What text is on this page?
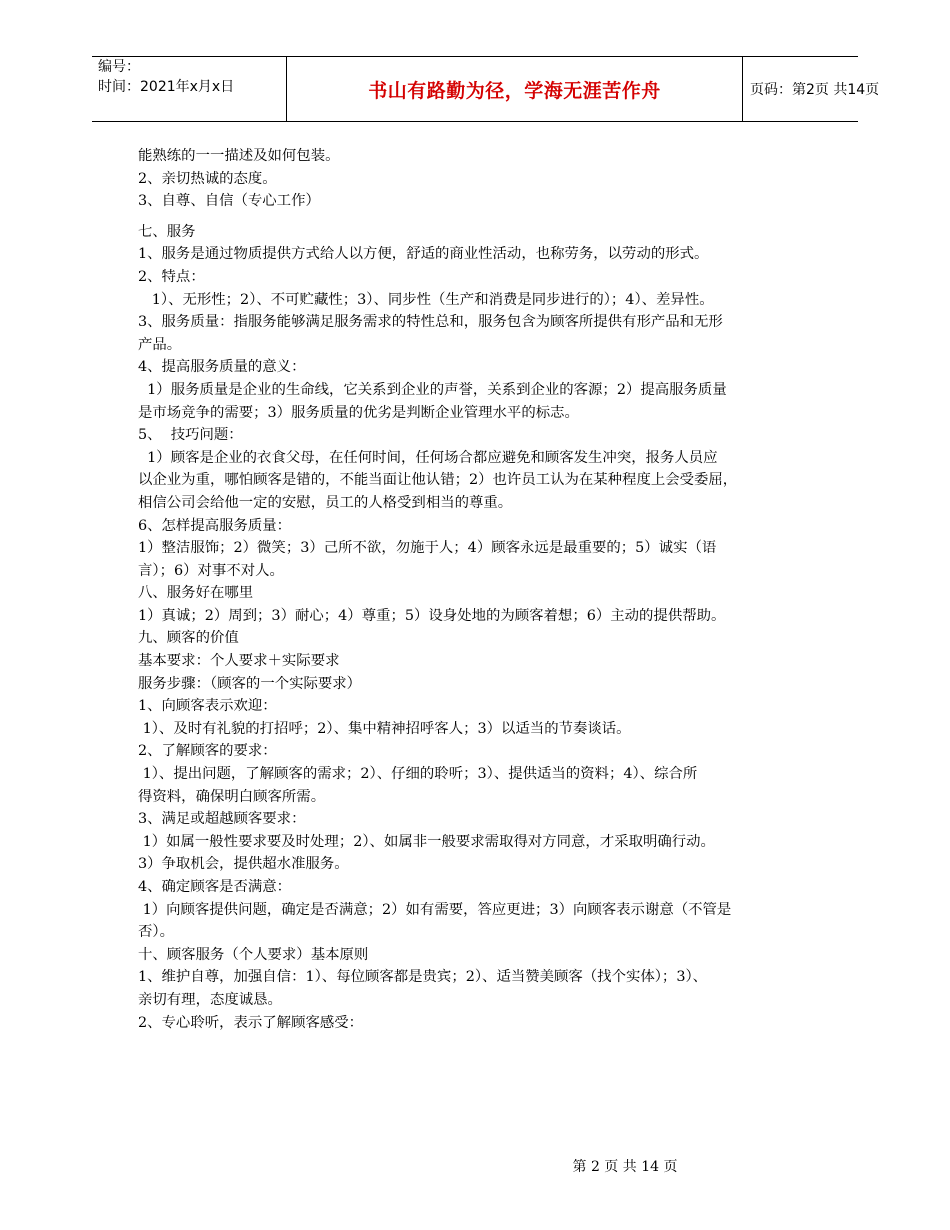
编号：
时间：2021年x月x日	书山有路勤为径，学海无涯苦作舟	页码：第2页 共14页

能熟练的一一描述及如何包装。

2、亲切热诚的态度。

3、自尊、自信（专心工作）

七、服务

1、服务是通过物质提供方式给人以方便，舒适的商业性活动，也称劳务，以劳动的形式。

2、特点：

1）、无形性；2）、不可贮藏性；3）、同步性（生产和消费是同步进行的）；4）、差异性。

3、服务质量：指服务能够满足服务需求的特性总和，服务包含为顾客所提供有形产品和无形

产品。

4、提高服务质量的意义：

1）服务质量是企业的生命线，它关系到企业的声誉，关系到企业的客源；2）提高服务质量

是市场竞争的需要；3）服务质量的优劣是判断企业管理水平的标志。

5、  技巧问题：

1）顾客是企业的衣食父母，在任何时间，任何场合都应避免和顾客发生冲突，报务人员应

以企业为重，哪怕顾客是错的，不能当面让他认错；2）也许员工认为在某种程度上会受委屈，

相信公司会给他一定的安慰，员工的人格受到相当的尊重。

6、怎样提高服务质量：

1）整洁服饰；2）微笑；3）己所不欲，勿施于人；4）顾客永远是最重要的；5）诚实（语

言）；6）对事不对人。

八、服务好在哪里

1）真诚；2）周到；3）耐心；4）尊重；5）设身处地的为顾客着想；6）主动的提供帮助。

九、顾客的价值

基本要求：个人要求＋实际要求

服务步骤：（顾客的一个实际要求）

1、向顾客表示欢迎：

1）、及时有礼貌的打招呼；2）、集中精神招呼客人；3）以适当的节奏谈话。

2、了解顾客的要求：

1）、提出问题，了解顾客的需求；2）、仔细的聆听；3）、提供适当的资料；4）、综合所

得资料，确保明白顾客所需。

3、满足或超越顾客要求：

1）如属一般性要求要及时处理；2）、如属非一般要求需取得对方同意，才采取明确行动。

3）争取机会，提供超水准服务。

4、确定顾客是否满意：

1）向顾客提供问题，确定是否满意；2）如有需要，答应更进；3）向顾客表示谢意（不管是

否）。

十、顾客服务（个人要求）基本原则

1、维护自尊，加强自信：1）、每位顾客都是贵宾；2）、适当赞美顾客（找个实体）；3）、

亲切有理，态度诚恳。

2、专心聆听，表示了解顾客感受：

第 2 页 共 14 页
